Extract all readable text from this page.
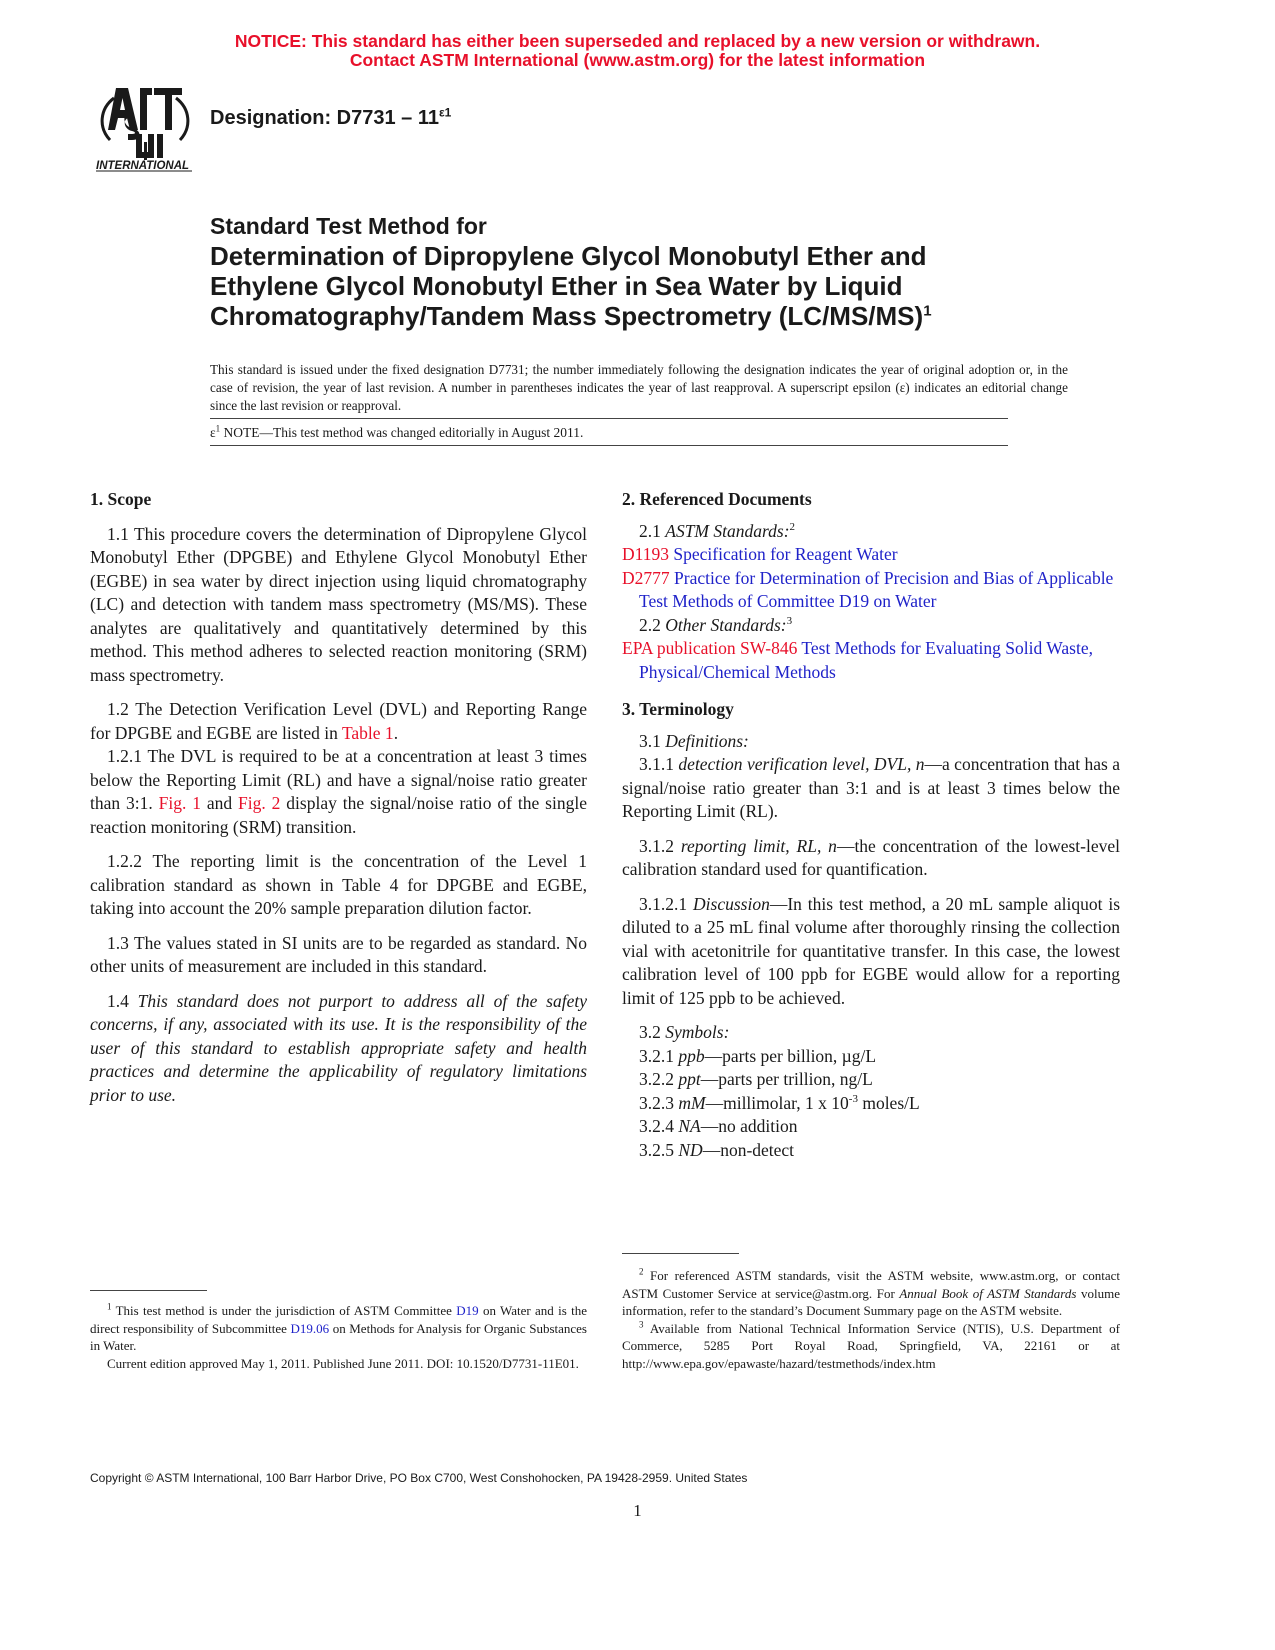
NOTICE: This standard has either been superseded and replaced by a new version or withdrawn.
Contact ASTM International (www.astm.org) for the latest information
INTERNATIONAL
Designation: $D7731 - 11^{\varepsilon 1}$
Standard Test Method for
Determination of Dipropylene Glycol Monobutyl Ether and
Ethylene Glycol Monobutyl Ether in Sea Water by Liquid
Chromatography/Tandem Mass Spectrometry $(LC/MS/MS)^1$
This standard is issued under the fixed designation D7731; the number immediately following the designation indicates the year of original adoption or, in the case of revision, the year of last revision. A number in parentheses indicates the year of last reapproval. A superscript epsilon (ε) indicates an editorial change since the last revision or reapproval.
$\varepsilon^1$ NOTE—This test method was changed editorially in August 2011.

1. Scope

1.1 This procedure covers the determination of Dipropylene Glycol Monobutyl Ether (DPGBE) and Ethylene Glycol Monobutyl Ether (EGBE) in sea water by direct injection using liquid chromatography (LC) and detection with tandem mass spectrometry (MS/MS). These analytes are qualitatively and quantitatively determined by this method. This method adheres to selected reaction monitoring (SRM) mass spectrometry.

1.2 The Detection Verification Level (DVL) and Reporting Range for DPGBE and EGBE are listed in Table 1.

1.2.1 The DVL is required to be at a concentration at least 3 times below the Reporting Limit (RL) and have a signal/noise ratio greater than 3:1. Fig. 1 and Fig. 2 display the signal/noise ratio of the single reaction monitoring (SRM) transition.

1.2.2 The reporting limit is the concentration of the Level 1 calibration standard as shown in Table 4 for DPGBE and EGBE, taking into account the 20% sample preparation dilution factor.

1.3 The values stated in SI units are to be regarded as standard. No other units of measurement are included in this standard.

1.4 This standard does not purport to address all of the safety concerns, if any, associated with its use. It is the responsibility of the user of this standard to establish appropriate safety and health practices and determine the applicability of regulatory limitations prior to use.

2. Referenced Documents

2.1 ASTM Standards:$^2$

D1193 Specification for Reagent Water

D2777 Practice for Determination of Precision and Bias of Applicable Test Methods of Committee D19 on Water

2.2 Other Standards:$^3$

EPA publication SW-846 Test Methods for Evaluating Solid Waste, Physical/Chemical Methods

3. Terminology

3.1 Definitions:

3.1.1 detection verification level, DVL, n—a concentration that has a signal/noise ratio greater than 3:1 and is at least 3 times below the Reporting Limit (RL).

3.1.2 reporting limit, RL, n—the concentration of the lowest-level calibration standard used for quantification.

3.1.2.1 Discussion—In this test method, a 20 mL sample aliquot is diluted to a 25 mL final volume after thoroughly rinsing the collection vial with acetonitrile for quantitative transfer. In this case, the lowest calibration level of 100 ppb for EGBE would allow for a reporting limit of 125 ppb to be achieved.

3.2 Symbols:

3.2.1 ppb—parts per billion, µg/L

3.2.2 ppt—parts per trillion, ng/L

3.2.3 mM—millimolar, 1 x $10^{-3}$ moles/L

3.2.4 NA—no addition

3.2.5 ND—non-detect

$^1$ This test method is under the jurisdiction of ASTM Committee D19 on Water and is the direct responsibility of Subcommittee D19.06 on Methods for Analysis for Organic Substances in Water.

Current edition approved May 1, 2011. Published June 2011. DOI: 10.1520/D7731-11E01.

$^2$ For referenced ASTM standards, visit the ASTM website, www.astm.org, or contact ASTM Customer Service at service@astm.org. For Annual Book of ASTM Standards volume information, refer to the standard’s Document Summary page on the ASTM website.

$^3$ Available from National Technical Information Service (NTIS), U.S. Department of Commerce, 5285 Port Royal Road, Springfield, VA, 22161 or at http://www.epa.gov/epawaste/hazard/testmethods/index.htm

Copyright © ASTM International, 100 Barr Harbor Drive, PO Box C700, West Conshohocken, PA 19428-2959. United States
1
